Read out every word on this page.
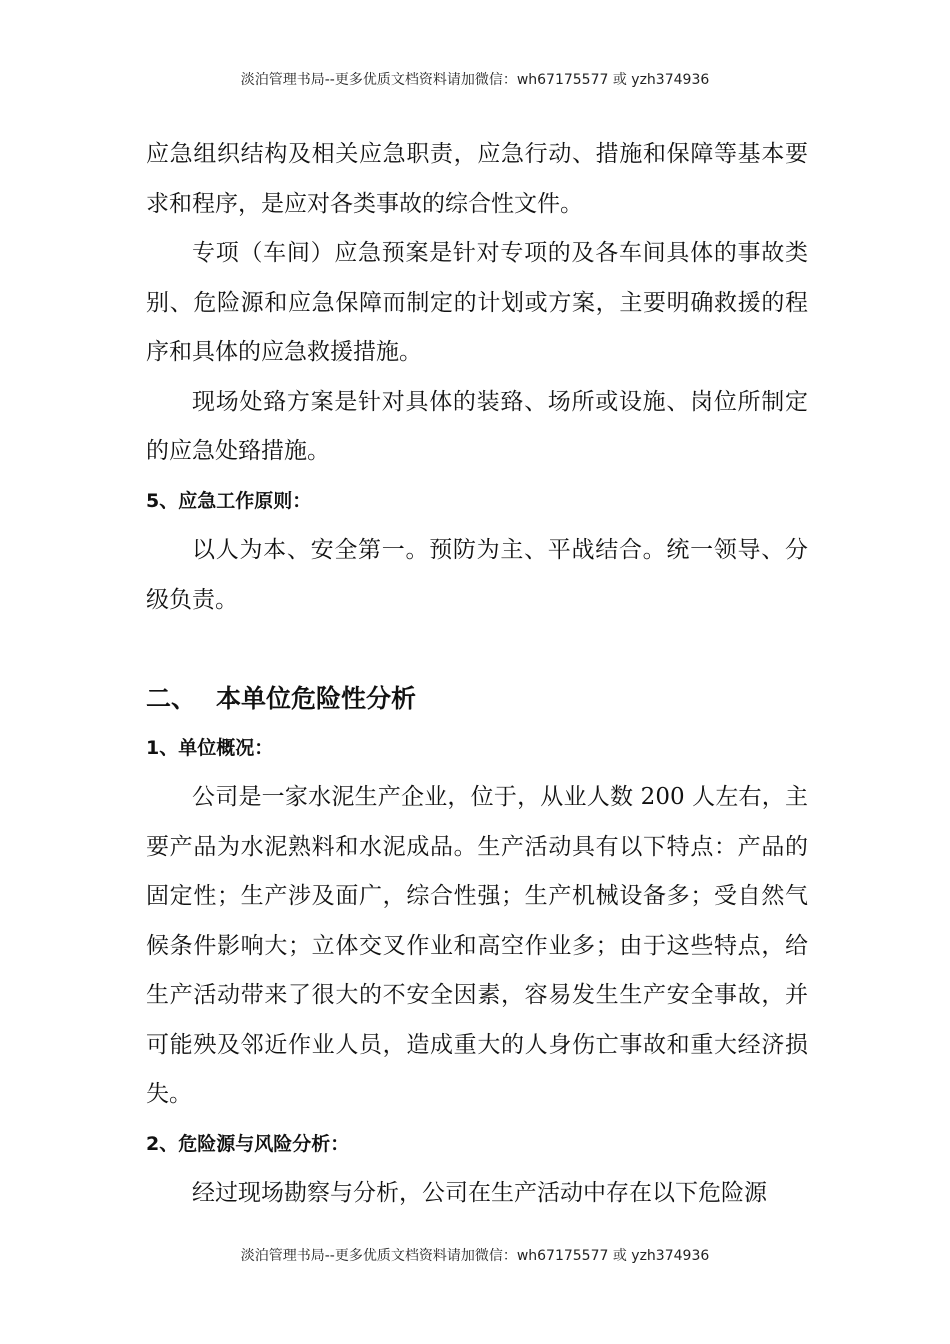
淡泊管理书局--更多优质文档资料请加微信：wh67175577 或 yzh374936

应急组织结构及相关应急职责，应急行动、措施和保障等基本要求和程序，是应对各类事故的综合性文件。

专项（车间）应急预案是针对专项的及各车间具体的事故类别、危险源和应急保障而制定的计划或方案，主要明确救援的程序和具体的应急救援措施。

现场处臵方案是针对具体的装臵、场所或设施、岗位所制定的应急处臵措施。

5、应急工作原则：

以人为本、安全第一。预防为主、平战结合。统一领导、分级负责。

二、 本单位危险性分析

1、单位概况：

公司是一家水泥生产企业，位于，从业人数 200 人左右，主要产品为水泥熟料和水泥成品。生产活动具有以下特点：产品的固定性；生产涉及面广，综合性强；生产机械设备多；受自然气候条件影响大；立体交叉作业和高空作业多；由于这些特点，给生产活动带来了很大的不安全因素，容易发生生产安全事故，并可能殃及邻近作业人员，造成重大的人身伤亡事故和重大经济损失。

2、危险源与风险分析：

经过现场勘察与分析，公司在生产活动中存在以下危险源

淡泊管理书局--更多优质文档资料请加微信：wh67175577 或 yzh374936
